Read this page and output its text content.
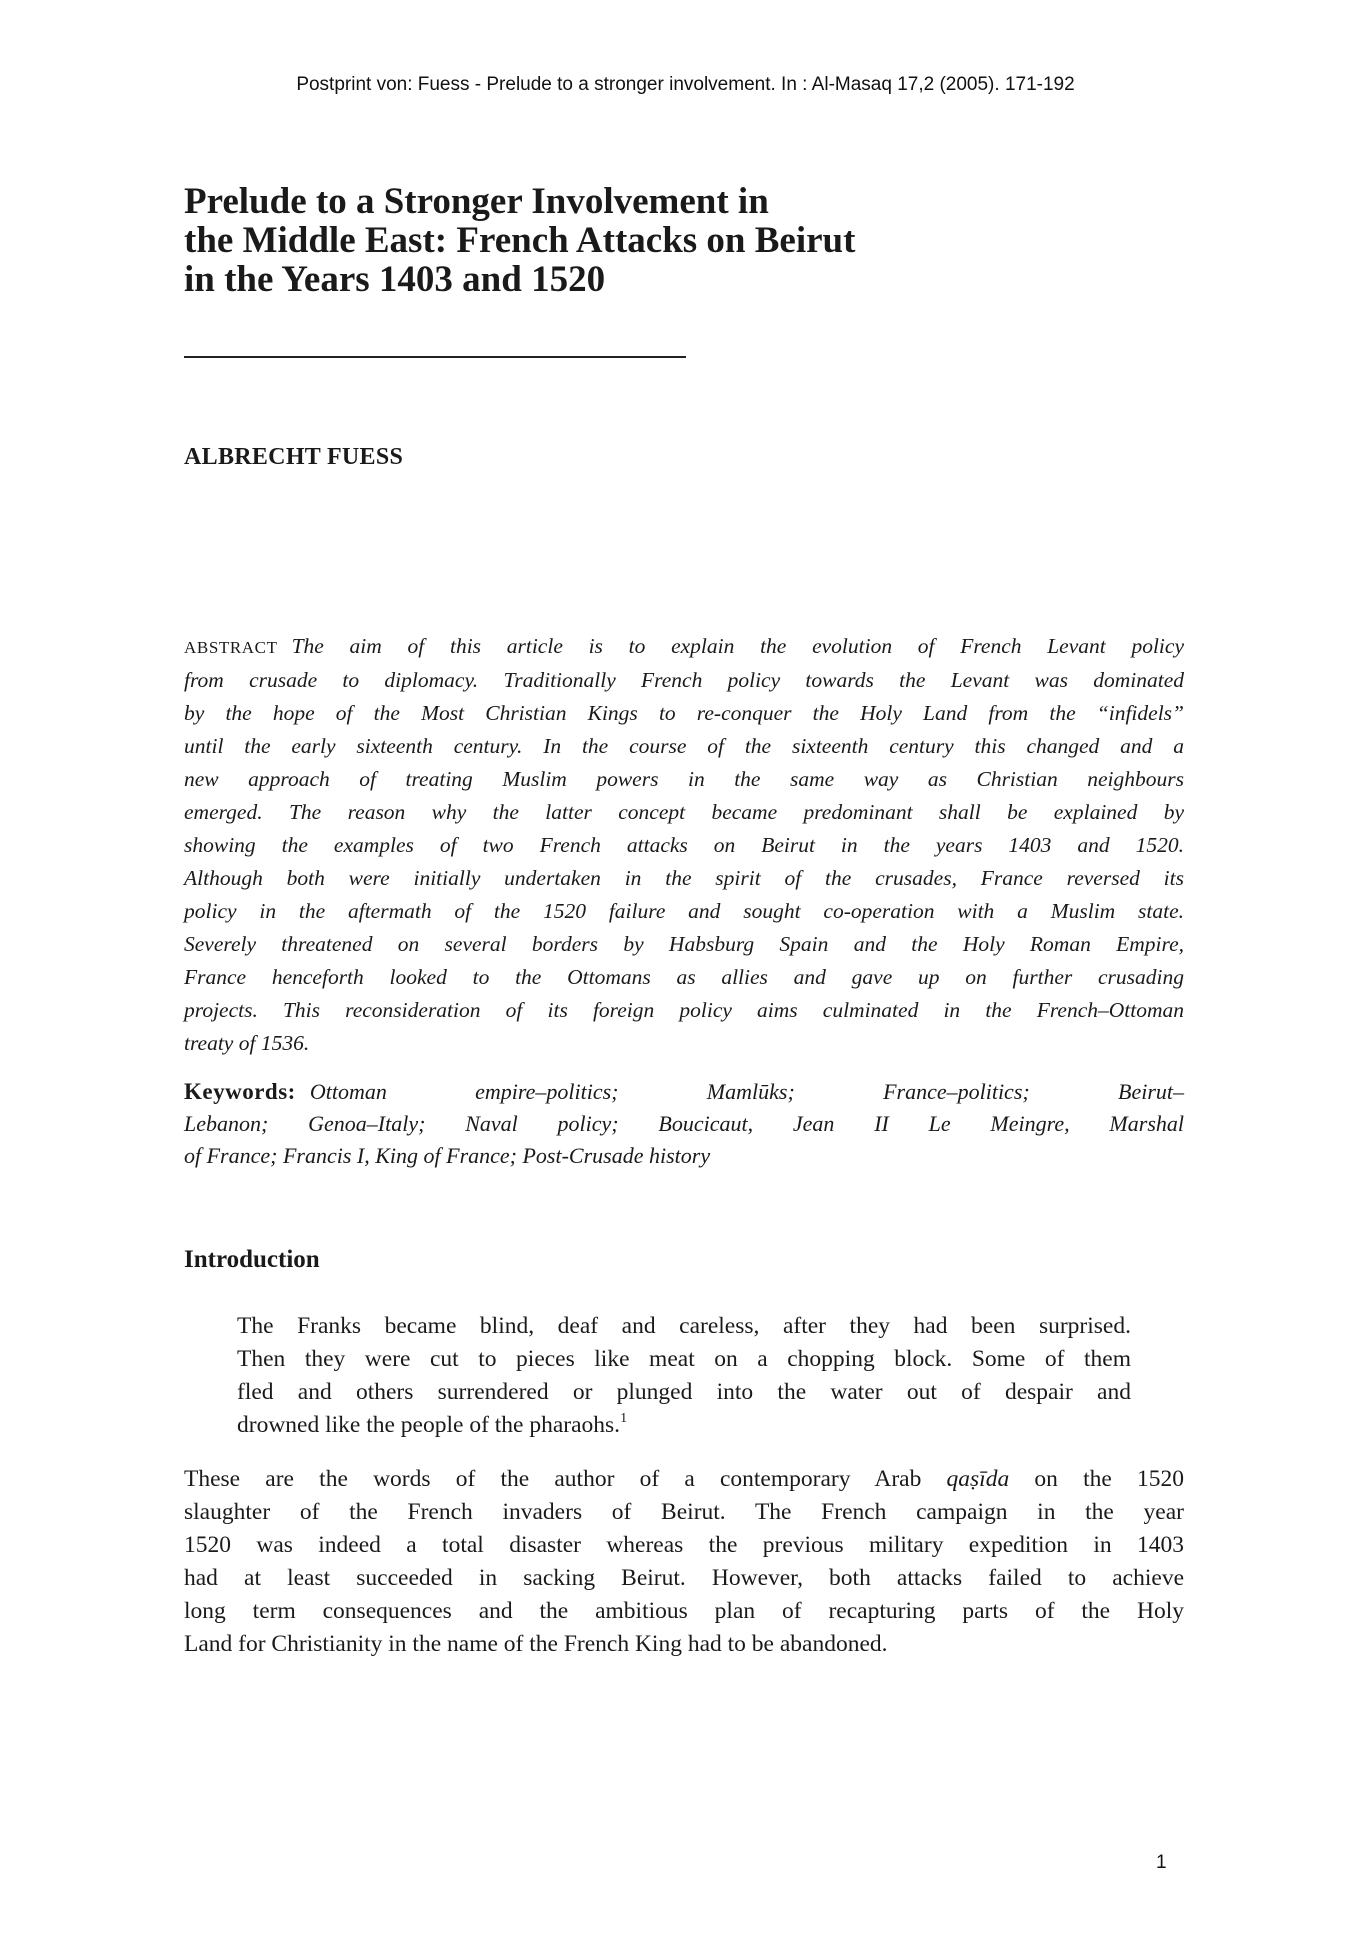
Postprint von: Fuess - Prelude to a stronger involvement. In : Al-Masaq 17,2 (2005). 171-192
Prelude to a Stronger Involvement in
the Middle East: French Attacks on Beirut
in the Years 1403 and 1520
ALBRECHT FUESS
ABSTRACT The aim of this article is to explain the evolution of French Levant policy
from crusade to diplomacy. Traditionally French policy towards the Levant was dominated
by the hope of the Most Christian Kings to re-conquer the Holy Land from the “infidels”
until the early sixteenth century. In the course of the sixteenth century this changed and a
new approach of treating Muslim powers in the same way as Christian neighbours
emerged. The reason why the latter concept became predominant shall be explained by
showing the examples of two French attacks on Beirut in the years 1403 and 1520.
Although both were initially undertaken in the spirit of the crusades, France reversed its
policy in the aftermath of the 1520 failure and sought co-operation with a Muslim state.
Severely threatened on several borders by Habsburg Spain and the Holy Roman Empire,
France henceforth looked to the Ottomans as allies and gave up on further crusading
projects. This reconsideration of its foreign policy aims culminated in the French–Ottoman
treaty of 1536.
Keywords: Ottoman empire–politics; Mamlūks; France–politics; Beirut–
Lebanon; Genoa–Italy; Naval policy; Boucicaut, Jean II Le Meingre, Marshal
of France; Francis I, King of France; Post-Crusade history
Introduction
The Franks became blind, deaf and careless, after they had been surprised.
Then they were cut to pieces like meat on a chopping block. Some of them
fled and others surrendered or plunged into the water out of despair and
drowned like the people of the pharaohs.$^1$
These are the words of the author of a contemporary Arab qaṣīda on the 1520
slaughter of the French invaders of Beirut. The French campaign in the year
1520 was indeed a total disaster whereas the previous military expedition in 1403
had at least succeeded in sacking Beirut. However, both attacks failed to achieve
long term consequences and the ambitious plan of recapturing parts of the Holy
Land for Christianity in the name of the French King had to be abandoned.
1
